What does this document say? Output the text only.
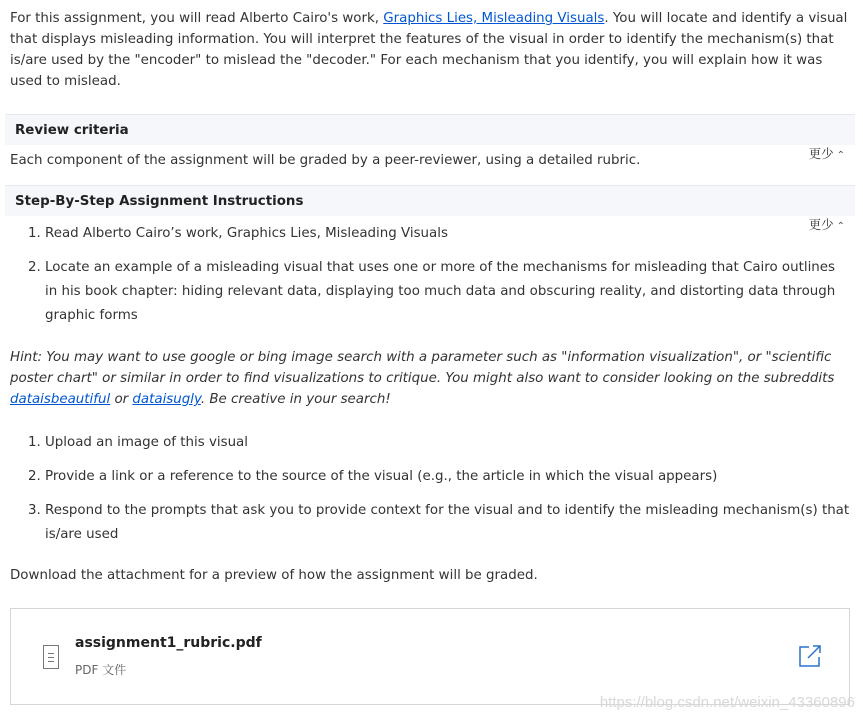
For this assignment, you will read Alberto Cairo's work, Graphics Lies, Misleading Visuals. You will locate and identify a visual that displays misleading information. You will interpret the features of the visual in order to identify the mechanism(s) that is/are used by the "encoder" to mislead the "decoder." For each mechanism that you identify, you will explain how it was used to mislead.

Review criteria
更少 ⌃

Each component of the assignment will be graded by a peer-reviewer, using a detailed rubric.

Step-By-Step Assignment Instructions
更少 ⌃
1. Read Alberto Cairo’s work, Graphics Lies, Misleading Visuals
2. Locate an example of a misleading visual that uses one or more of the mechanisms for misleading that Cairo outlines in his book chapter: hiding relevant data, displaying too much data and obscuring reality, and distorting data through graphic forms

Hint: You may want to use google or bing image search with a parameter such as "information visualization", or "scientific poster chart" or similar in order to find visualizations to critique. You might also want to consider looking on the subreddits dataisbeautiful or dataisugly. Be creative in your search!

1. Upload an image of this visual
2. Provide a link or a reference to the source of the visual (e.g., the article in which the visual appears)
3. Respond to the prompts that ask you to provide context for the visual and to identify the misleading mechanism(s) that is/are used

Download the attachment for a preview of how the assignment will be graded.

assignment1_rubric.pdf
PDF 文件
https://blog.csdn.net/weixin_43360896
